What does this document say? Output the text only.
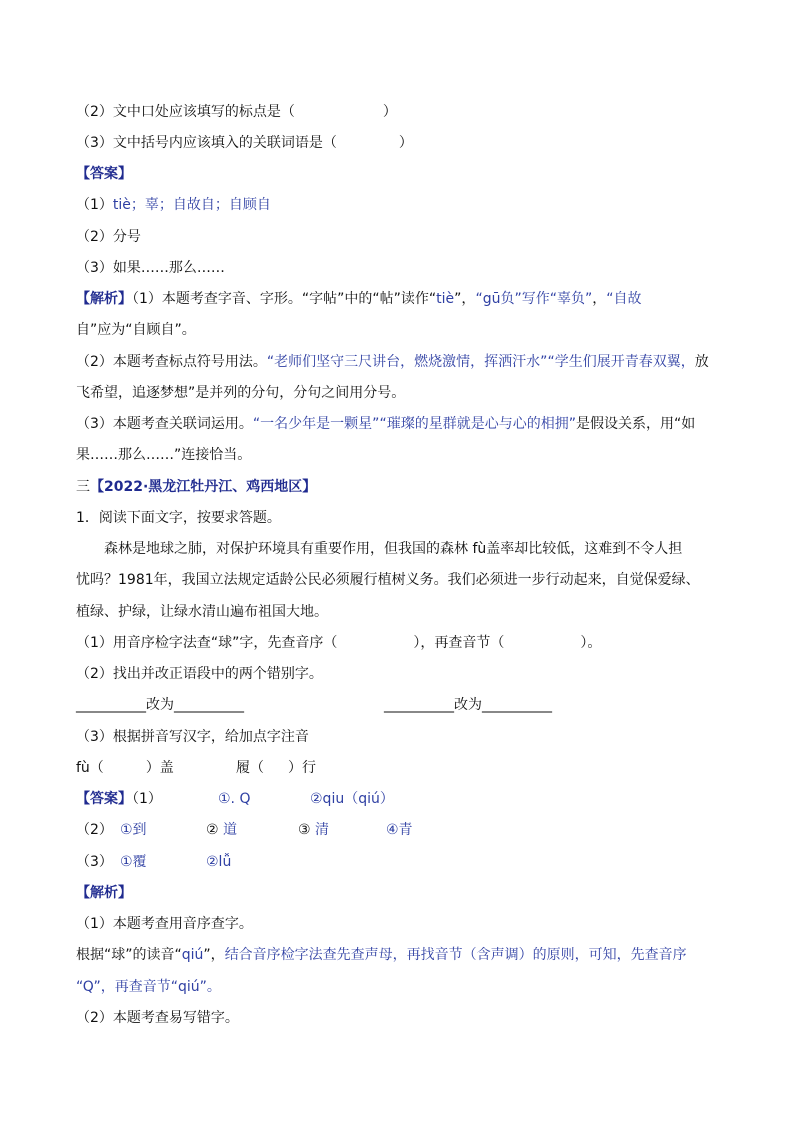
（2）文中口处应该填写的标点是（	）
（3）文中括号内应该填入的关联词语是（	）
【答案】
（1）tiè；辜；自故自；自顾自
（2）分号
（3）如果……那么……
【解析】（1）本题考查字音、字形。“字帖”中的“帖”读作“tiè”，“gū负”写作“辜负”，“自故
自”应为“自顾自”。
（2）本题考查标点符号用法。“老师们坚守三尺讲台，燃烧激情，挥洒汗水”“学生们展开青春双翼，放
飞希望，追逐梦想”是并列的分句，分句之间用分号。
（3）本题考查关联词运用。“一名少年是一颗星”“璀璨的星群就是心与心的相拥”是假设关系，用“如
果……那么……”连接恰当。
三【2022·黑龙江牡丹江、鸡西地区】
1．阅读下面文字，按要求答题。
森林是地球之肺，对保护环境具有重要作用，但我国的森林 fù盖率却比较低，这难到不令人担
忧吗？1981年，我国立法规定适龄公民必须履行植树义务。我们必须进一步行动起来，自觉保爱绿、
植绿、护绿，让绿水清山遍布祖国大地。
（1）用音序检字法查“球”字，先查音序（	），再查音节（	）。
（2）找出并改正语段中的两个错别字。
__________改为__________	__________改为__________
（3）根据拼音写汉字，给加点字注音
fù（	）盖	履（ ）行
【答案】（1）	①. Q	②qiu（qiú）
（2） ①到	② 道	③ 清	④青
（3） ①覆	②lǚ
【解析】
（1）本题考查用音序查字。
根据“球”的读音“qiú”，结合音序检字法查先查声母，再找音节（含声调）的原则，可知，先查音序
“Q”，再查音节“qiú”。
（2）本题考查易写错字。
